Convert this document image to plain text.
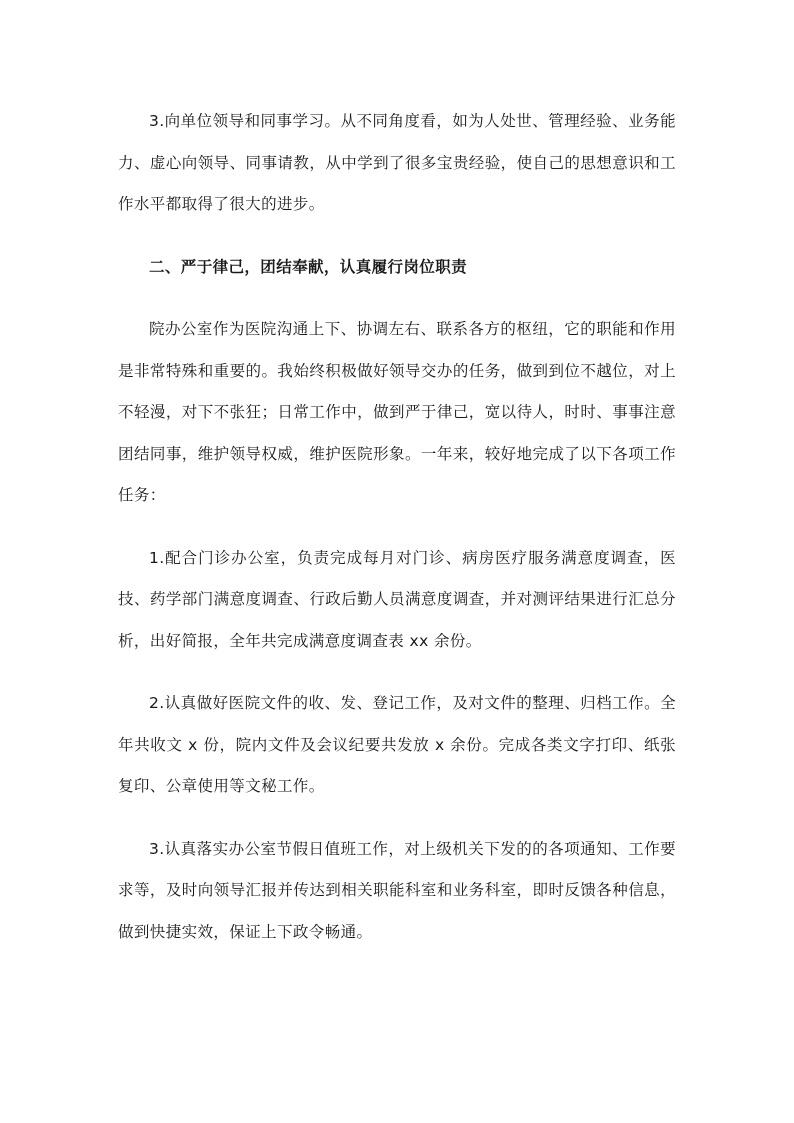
3.向单位领导和同事学习。从不同角度看，如为人处世、管理经验、业务能力、虚心向领导、同事请教，从中学到了很多宝贵经验，使自己的思想意识和工作水平都取得了很大的进步。

二、严于律己，团结奉献，认真履行岗位职责

院办公室作为医院沟通上下、协调左右、联系各方的枢纽，它的职能和作用是非常特殊和重要的。我始终积极做好领导交办的任务，做到到位不越位，对上不轻漫，对下不张狂；日常工作中，做到严于律己，宽以待人，时时、事事注意团结同事，维护领导权威，维护医院形象。一年来，较好地完成了以下各项工作任务：

1.配合门诊办公室，负责完成每月对门诊、病房医疗服务满意度调查，医技、药学部门满意度调查、行政后勤人员满意度调查，并对测评结果进行汇总分析，出好简报，全年共完成满意度调查表 xx 余份。

2.认真做好医院文件的收、发、登记工作，及对文件的整理、归档工作。全年共收文 x 份，院内文件及会议纪要共发放 x 余份。完成各类文字打印、纸张复印、公章使用等文秘工作。

3.认真落实办公室节假日值班工作，对上级机关下发的的各项通知、工作要求等，及时向领导汇报并传达到相关职能科室和业务科室，即时反馈各种信息，做到快捷实效，保证上下政令畅通。
